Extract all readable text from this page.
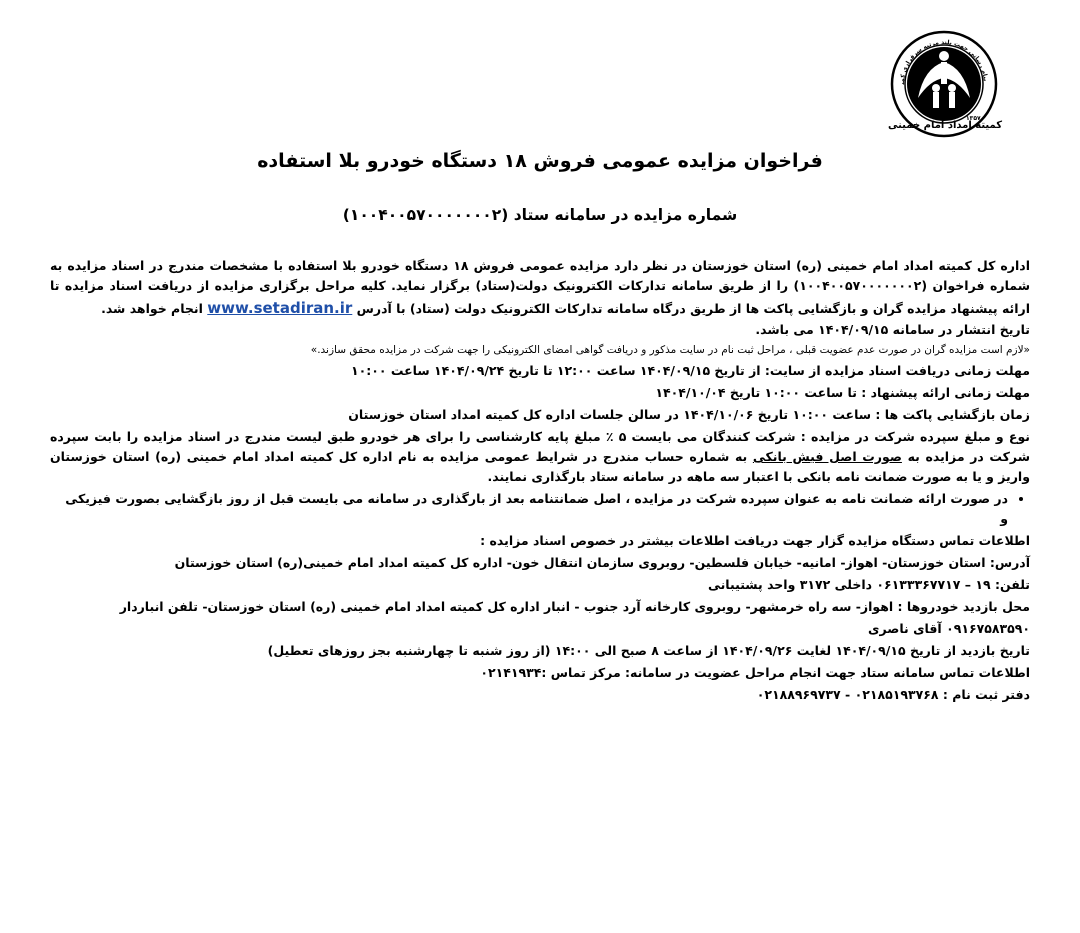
پیام رسانی جهت بلند مرتبه سرفرازی کمی
۱۳۵۷
کمیته امداد امام خمینی
فراخوان مزایده عمومی فروش ۱۸ دستگاه خودرو بلا استفاده
شماره مزایده در سامانه ستاد (۱۰۰۴۰۰۵۷۰۰۰۰۰۰۰۲)

اداره کل کمیته امداد امام خمینی (ره) استان خوزستان در نظر دارد مزایده عمومی فروش ۱۸ دستگاه خودرو بلا استفاده با مشخصات مندرج در اسناد مزایده به شماره فراخوان (۱۰۰۴۰۰۵۷۰۰۰۰۰۰۰۲) را از طریق سامانه تدارکات الکترونیک دولت(ستاد) برگزار نماید. کلیه مراحل برگزاری مزایده از دریافت اسناد مزایده تا ارائه پیشنهاد مزایده گران و بازگشایی پاکت ها از طریق درگاه سامانه تدارکات الکترونیک دولت (ستاد) با آدرس www.setadiran.ir انجام خواهد شد.
تاریخ انتشار در سامانه ۱۴۰۴/۰۹/۱۵ می باشد.

«لازم است مزایده گران در صورت عدم عضویت قبلی ، مراحل ثبت نام در سایت مذکور و دریافت گواهی امضای الکترونیکی را جهت شرکت در مزایده محقق سازند.»

مهلت زمانی دریافت اسناد مزایده از سایت: از تاریخ ۱۴۰۴/۰۹/۱۵ ساعت ۱۲:۰۰ تا تاریخ ۱۴۰۴/۰۹/۲۴ ساعت ۱۰:۰۰

مهلت زمانی ارائه پیشنهاد : تا ساعت ۱۰:۰۰ تاریخ ۱۴۰۴/۱۰/۰۴

زمان بازگشایی پاکت ها : ساعت ۱۰:۰۰ تاریخ ۱۴۰۴/۱۰/۰۶ در سالن جلسات اداره کل کمیته امداد استان خوزستان

نوع و مبلغ سپرده شرکت در مزایده : شرکت کنندگان می بایست ۵ ٪ مبلغ پایه کارشناسی را برای هر خودرو طبق لیست مندرج در اسناد مزایده را بابت سپرده شرکت در مزایده به صورت اصل فیش بانکی به شماره حساب مندرج در شرایط عمومی مزایده به نام اداره کل کمیته امداد امام خمینی (ره) استان خوزستان واریز و یا به صورت ضمانت نامه بانکی با اعتبار سه ماهه در سامانه ستاد بارگذاری نمایند.

• در صورت ارائه ضمانت نامه به عنوان سپرده شرکت در مزایده ، اصل ضمانتنامه بعد از بارگذاری در سامانه می بایست قبل از روز بازگشایی بصورت فیزیکی
و

اطلاعات تماس دستگاه مزایده گزار جهت دریافت اطلاعات بیشتر در خصوص اسناد مزایده :

آدرس: استان خوزستان- اهواز- امانیه- خیابان فلسطین- روبروی سازمان انتقال خون- اداره کل کمیته امداد امام خمینی(ره) استان خوزستان

تلفن: ۱۹ – ۰۶۱۳۳۳۶۷۷۱۷ داخلی ۳۱۷۲ واحد پشتیبانی

محل بازدید خودروها : اهواز- سه راه خرمشهر- روبروی کارخانه آرد جنوب - انبار اداره کل کمیته امداد امام خمینی (ره) استان خوزستان- تلفن انباردار

۰۹۱۶۷۵۸۳۵۹۰ آقای ناصری

تاریخ بازدید از تاریخ ۱۴۰۴/۰۹/۱۵ لغایت ۱۴۰۴/۰۹/۲۶ از ساعت ۸ صبح الی ۱۴:۰۰ (از روز شنبه تا چهارشنبه بجز روزهای تعطیل)

اطلاعات تماس سامانه ستاد جهت انجام مراحل عضویت در سامانه: مرکز تماس :۰۲۱۴۱۹۳۴

دفتر ثبت نام : ۰۲۱۸۵۱۹۳۷۶۸ - ۰۲۱۸۸۹۶۹۷۳۷
